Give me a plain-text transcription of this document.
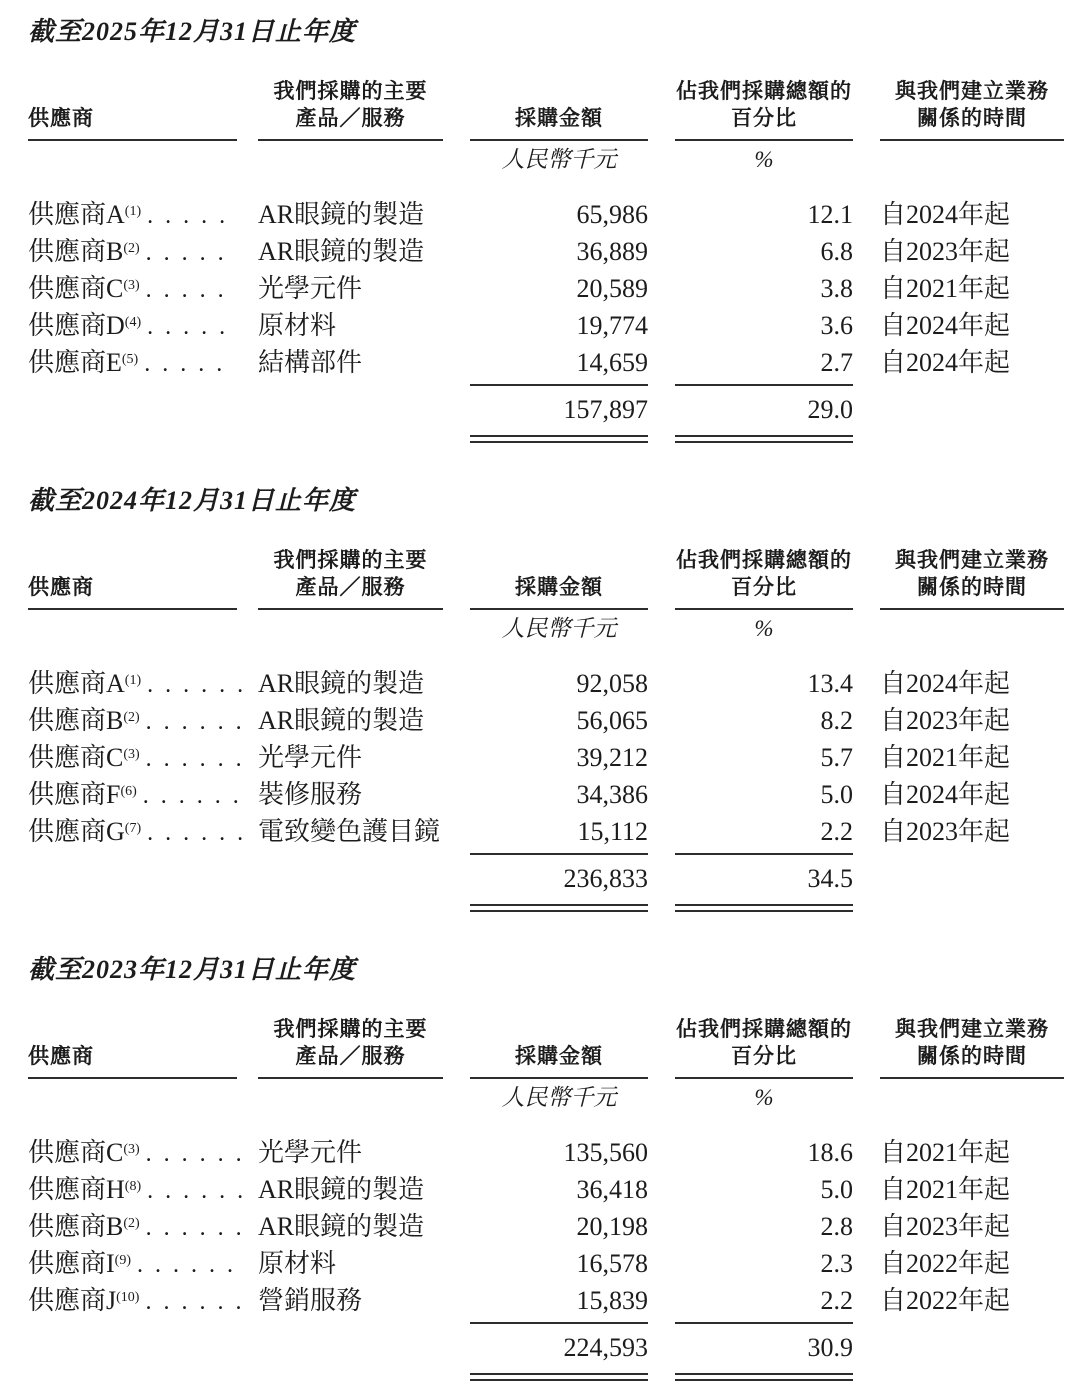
截至2025年12月31日止年度
供應商
我們採購的主要
產品／服務	採購金額
佔我們採購總額的
百分比
與我們建立業務
關係的時間
人民幣千元	%
供應商A$^{(1)}$ . . . . .	AR眼鏡的製造	65,986	12.1 自2024年起
供應商B$^{(2)}$ . . . . .	AR眼鏡的製造	36,889	6.8 自2023年起
供應商C$^{(3)}$ . . . . .	光學元件	20,589	3.8 自2021年起
供應商D$^{(4)}$ . . . . .	原材料	19,774	3.6 自2024年起
供應商E$^{(5)}$ . . . . .	結構部件	14,659	2.7 自2024年起
157,897	29.0
截至2024年12月31日止年度
供應商
我們採購的主要
產品／服務	採購金額
佔我們採購總額的
百分比
與我們建立業務
關係的時間
人民幣千元	%
供應商A$^{(1)}$ . . . . . . AR眼鏡的製造	92,058	13.4 自2024年起
供應商B$^{(2)}$ . . . . . . AR眼鏡的製造	56,065	8.2 自2023年起
供應商C$^{(3)}$ . . . . . . 光學元件	39,212	5.7 自2021年起
供應商F$^{(6)}$ . . . . . . 裝修服務	34,386	5.0 自2024年起
供應商G$^{(7)}$ . . . . . . 電致變色護目鏡	15,112	2.2 自2023年起
236,833	34.5
截至2023年12月31日止年度
供應商
我們採購的主要
產品／服務	採購金額
佔我們採購總額的
百分比
與我們建立業務
關係的時間
人民幣千元	%
供應商C$^{(3)}$ . . . . . . 光學元件	135,560	18.6 自2021年起
供應商H$^{(8)}$ . . . . . . AR眼鏡的製造	36,418	5.0 自2021年起
供應商B$^{(2)}$ . . . . . . AR眼鏡的製造	20,198	2.8 自2023年起
供應商I$^{(9)}$ . . . . . . 原材料	16,578	2.3 自2022年起
供應商J$^{(10)}$ . . . . . . 營銷服務	15,839	2.2 自2022年起
224,593	30.9
